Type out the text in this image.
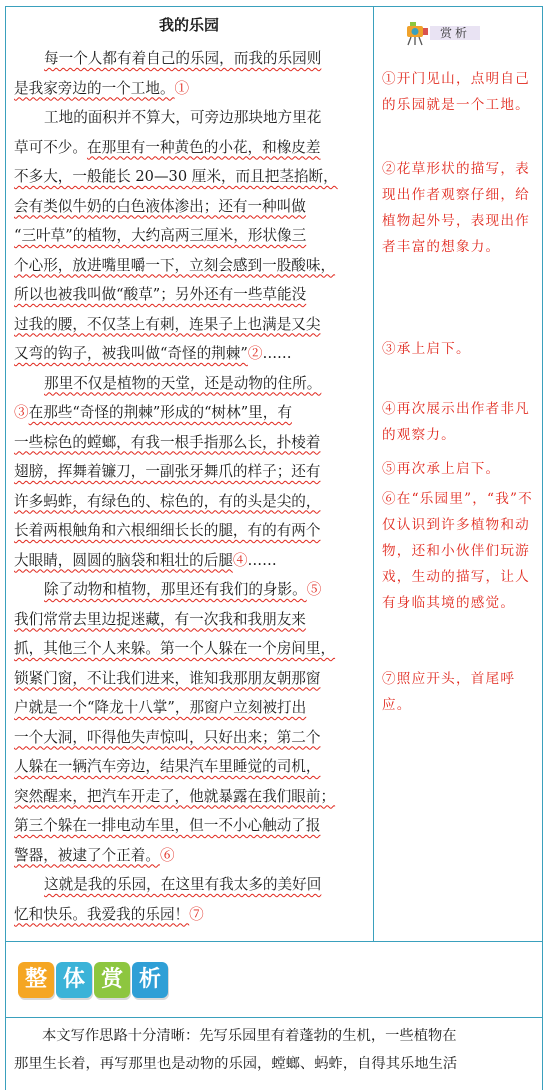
我的乐园
每一个人都有着自己的乐园，而我的乐园则
是我家旁边的一个工地。①
工地的面积并不算大，可旁边那块地方里花
草可不少。在那里有一种黄色的小花，和橡皮差
不多大，一般能长 20—30 厘米，而且把茎掐断，
会有类似牛奶的白色液体渗出；还有一种叫做
“三叶草”的植物，大约高两三厘米，形状像三
个心形，放进嘴里嚼一下，立刻会感到一股酸味，
所以也被我叫做“酸草”；另外还有一些草能没
过我的腰，不仅茎上有刺，连果子上也满是又尖
又弯的钩子，被我叫做“奇怪的荆棘”②……
那里不仅是植物的天堂，还是动物的住所。
③在那些“奇怪的荆棘”形成的“树林”里，有
一些棕色的螳螂，有我一根手指那么长，扑棱着
翅膀，挥舞着镰刀，一副张牙舞爪的样子；还有
许多蚂蚱，有绿色的、棕色的，有的头是尖的，
长着两根触角和六根细细长长的腿，有的有两个
大眼睛，圆圆的脑袋和粗壮的后腿④……
除了动物和植物，那里还有我们的身影。⑤
我们常常去里边捉迷藏，有一次我和我朋友来
抓，其他三个人来躲。第一个人躲在一个房间里，
锁紧门窗，不让我们进来，谁知我那朋友朝那窗
户就是一个“降龙十八掌”，那窗户立刻被打出
一个大洞，吓得他失声惊叫，只好出来；第二个
人躲在一辆汽车旁边，结果汽车里睡觉的司机，
突然醒来，把汽车开走了，他就暴露在我们眼前；
第三个躲在一排电动车里，但一不小心触动了报
警器，被逮了个正着。⑥
这就是我的乐园，在这里有我太多的美好回
忆和快乐。我爱我的乐园！⑦
赏析
①开门见山，点明自己的乐园就是一个工地。
②花草形状的描写，表现出作者观察仔细，给植物起外号，表现出作者丰富的想象力。
③承上启下。
④再次展示出作者非凡的观察力。
⑤再次承上启下。
⑥在“乐园里”，“我”不仅认识到许多植物和动物，还和小伙伴们玩游戏，生动的描写，让人有身临其境的感觉。
⑦照应开头，首尾呼应。
整 体 赏 析

本文写作思路十分清晰：先写乐园里有着蓬勃的生机，一些植物在

那里生长着，再写那里也是动物的乐园，螳螂、蚂蚱，自得其乐地生活
